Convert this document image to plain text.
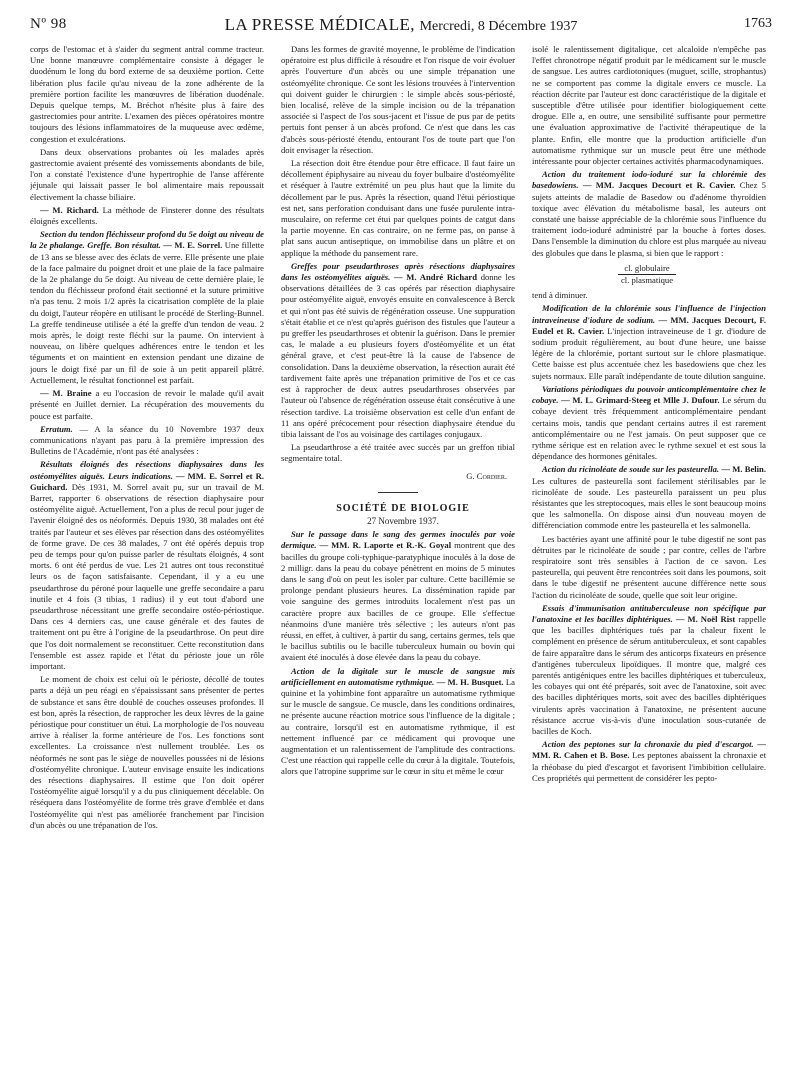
Nº 98	LA PRESSE MÉDICALE, Mercredi, 8 Décembre 1937	1763

corps de l'estomac et à s'aider du segment antral comme tracteur. Une bonne manœuvre complémentaire consiste à dégager le duodénum le long du bord externe de sa deuxième portion. Cette libération plus facile qu'au niveau de la zone adhérente de la première portion facilite les manœuvres de libération duodénale. Depuis quelque temps, M. Bréchot n'hésite plus à faire des gastrectomies pour antrite. L'examen des pièces opératoires montre toujours des lésions inflammatoires de la muqueuse avec œdème, congestion et exulcérations.

Dans deux observations probantes où les malades après gastrectomie avaient présenté des vomissements abondants de bile, l'on a constaté l'existence d'une hypertrophie de l'anse afférente jéjunale qui laissait passer le bol alimentaire mais repoussait électivement la chasse biliaire.

— M. Richard. La méthode de Finsterer donne des résultats éloignés excellents.

Section du tendon fléchisseur profond du 5e doigt au niveau de la 2e phalange. Greffe. Bon résultat. — M. E. Sorrel. Une fillette de 13 ans se blesse avec des éclats de verre. Elle présente une plaie de la face palmaire du poignet droit et une plaie de la face palmaire de la 2e phalange du 5e doigt. Au niveau de cette dernière plaie, le tendon du fléchisseur profond était sectionné et la suture primitive n'a pas tenu. 2 mois 1/2 après la cicatrisation complète de la plaie du doigt, l'auteur réopère en utilisant le procédé de Sterling-Bunnel. La greffe tendineuse utilisée a été la greffe d'un tendon de veau. 2 mois après, le doigt reste fléchi sur la paume. On intervient à nouveau, on libère quelques adhérences entre le tendon et les téguments et on maintient en extension pendant une dizaine de jours le doigt fixé par un fil de soie à un petit appareil plâtré. Actuellement, le résultat fonctionnel est parfait.

— M. Braine a eu l'occasion de revoir le malade qu'il avait présenté en Juillet dernier. La récupération des mouvements du pouce est parfaite.

Erratum. — A la séance du 10 Novembre 1937 deux communications n'ayant pas paru à la première impression des Bulletins de l'Académie, n'ont pas été analysées :

Résultats éloignés des résections diaphysaires dans les ostéomyélites aiguës. Leurs indications. — MM. E. Sorrel et R. Guichard. Dès 1931, M. Sorrel avait pu, sur un travail de M. Barret, rapporter 6 observations de résection diaphysaire pour ostéomyélite aiguë. Actuellement, l'on a plus de recul pour juger de l'avenir éloigné des os néoformés. Depuis 1930, 38 malades ont été traités par l'auteur et ses élèves par résection dans des ostéomyélites de forme grave. De ces 38 malades, 7 ont été opérés depuis trop peu de temps pour qu'on puisse parler de résultats éloignés, 4 sont morts. 6 ont été perdus de vue. Les 21 autres ont tous reconstitué leurs os de façon satisfaisante. Cependant, il y a eu une pseudarthrose du péroné pour laquelle une greffe secondaire a paru inutile et 4 fois (3 tibias, 1 radius) il y eut tout d'abord une pseudarthrose nécessitant une greffe secondaire ostéo-périostique. Dans ces 4 derniers cas, une cause générale et des fautes de traitement ont pu être à l'origine de la pseudarthrose. On peut dire que l'os doit normalement se reconstituer. Cette reconstitution dans l'ensemble est assez rapide et l'état du périoste joue un rôle important.

Le moment de choix est celui où le périoste, décollé de toutes parts a déjà un peu réagi en s'épaississant sans présenter de pertes de substance et sans être doublé de couches osseuses profondes. Il est bon, après la résection, de rapprocher les deux lèvres de la gaine périostique pour constituer un étui. La morphologie de l'os nouveau arrive à réaliser la forme antérieure de l'os. Les fonctions sont excellentes. La croissance n'est nullement troublée. Les os néoformés ne sont pas le siège de nouvelles poussées ni de lésions d'ostéomyélite chronique. L'auteur envisage ensuite les indications des résections diaphysaires. Il estime que l'on doit opérer l'ostéomyélite aiguë lorsqu'il y a du pus cliniquement décelable. On réséquera dans l'ostéomyélite de forme très grave d'emblée et dans l'ostéomyélite qui n'est pas améliorée franchement par l'incision d'un abcès ou une trépanation de l'os.

Dans les formes de gravité moyenne, le problème de l'indication opératoire est plus difficile à résoudre et l'on risque de voir évoluer après l'ouverture d'un abcès ou une simple trépanation une ostéomyélite chronique. Ce sont les lésions trouvées à l'intervention qui doivent guider le chirurgien : le simple abcès sous-périosté, bien localisé, relève de la simple incision ou de la trépanation associée si l'aspect de l'os sous-jacent et l'issue de pus par de petits pertuis font penser à un abcès profond. Ce n'est que dans les cas d'abcès sous-périosté étendu, entourant l'os de toute part que l'on doit envisager la résection.

La résection doit être étendue pour être efficace. Il faut faire un décollement épiphysaire au niveau du foyer bulbaire d'ostéomyélite et réséquer à l'autre extrémité un peu plus haut que la limite du décollement par le pus. Après la résection, quand l'étui périostique est net, sans perforation conduisant dans une fusée purulente intra-musculaire, on referme cet étui par quelques points de catgut dans la partie moyenne. En cas contraire, on ne ferme pas, on panse à plat sans aucun antiseptique, on immobilise dans un plâtre et on applique la méthode du pansement rare.

Greffes pour pseudarthroses après résections diaphysaires dans les ostéomyélites aiguës. — M. André Richard donne les observations détaillées de 3 cas opérés par résection diaphysaire pour ostéomyélite aiguë, envoyés ensuite en convalescence à Berck et qui n'ont pas été suivis de régénération osseuse. Une suppuration s'était établie et ce n'est qu'après guérison des fistules que l'auteur a pu greffer les pseudarthroses et obtenir la guérison. Dans le premier cas, le malade a eu plusieurs foyers d'ostéomyélite et un état général grave, et c'est peut-être là la cause de l'absence de consolidation. Dans la deuxième observation, la résection aurait été tardivement faite après une trépanation primitive de l'os et ce cas est à rapprocher de deux autres pseudarthroses observées par l'auteur où l'absence de régénération osseuse était consécutive à une résection tardive. La troisième observation est celle d'un enfant de 11 ans opéré précocement pour résection diaphysaire étendue du tibia laissant de l'os au voisinage des cartilages conjugaux.

La pseudarthrose a été traitée avec succès par un greffon tibial segmentaire total.

G. Cordier.

SOCIÉTÉ DE BIOLOGIE

27 Novembre 1937.

Sur le passage dans le sang des germes inoculés par voie dermique. — MM. R. Laporte et R.-K. Goyal montrent que des bacilles du groupe coli-typhique-paratyphique inoculés à la dose de 2 milligr. dans la peau du cobaye pénètrent en moins de 5 minutes dans le sang d'où on peut les isoler par culture. Cette bacillémie se prolonge pendant plusieurs heures. La dissémination rapide par voie sanguine des germes introduits localement n'est pas un caractère propre aux bacilles de ce groupe. Elle s'effectue néanmoins d'une manière très sélective ; les auteurs n'ont pas réussi, en effet, à cultiver, à partir du sang, certains germes, tels que le bacillus subtilis ou le bacille tuberculeux humain ou bovin qui avaient été inoculés à dose élevée dans la peau du cobaye.

Action de la digitale sur le muscle de sangsue mis artificiellement en automatisme rythmique. — M. H. Busquet. La quinine et la yohimbine font apparaître un automatisme rythmique sur le muscle de sangsue. Ce muscle, dans les conditions ordinaires, ne présente aucune réaction motrice sous l'influence de la digitale ; au contraire, lorsqu'il est en automatisme rythmique, il est nettement influencé par ce médicament qui provoque une augmentation et un ralentissement de l'amplitude des contractions. C'est une réaction qui rappelle celle du cœur à la digitale. Toutefois, alors que l'atropine supprime sur le cœur in situ et même le cœur

isolé le ralentissement digitalique, cet alcaloïde n'empêche pas l'effet chronotrope négatif produit par le médicament sur le muscle de sangsue. Les autres cardiotoniques (muguet, scille, strophantus) ne se comportent pas comme la digitale envers ce muscle. La réaction décrite par l'auteur est donc caractéristique de la digitale et susceptible d'être utilisée pour identifier biologiquement cette drogue. Elle a, en outre, une sensibilité suffisante pour permettre une évaluation approximative de l'activité thérapeutique de la plante. Enfin, elle montre que la production artificielle d'un automatisme rythmique sur un muscle peut être une méthode intéressante pour objecter certaines activités pharmacodynamiques.

Action du traitement iodo-ioduré sur la chlorémie des basedowiens. — MM. Jacques Decourt et R. Cavier. Chez 5 sujets atteints de maladie de Basedow ou d'adénome thyroïdien toxique avec élévation du métabolisme basal, les auteurs ont constaté une baisse appréciable de la chlorémie sous l'influence du traitement iodo-ioduré administré par la bouche à fortes doses. Dans l'ensemble la diminution du chlore est plus marquée au niveau des globules que dans le plasma, si bien que le rapport :

cl. globulaire
cl. plasmatique

tend à diminuer.

Modification de la chlorémie sous l'influence de l'injection intraveineuse d'iodure de sodium. — MM. Jacques Decourt, F. Eudel et R. Cavier. L'injection intraveineuse de 1 gr. d'iodure de sodium produit régulièrement, au bout d'une heure, une baisse légère de la chlorémie, portant surtout sur le chlore plasmatique. Cette baisse est plus accentuée chez les basedowiens que chez les sujets normaux. Elle paraît indépendante de toute dilution sanguine.

Variations périodiques du pouvoir anticomplémentaire chez le cobaye. — M. L. Grimard-Steeg et Mlle J. Dufour. Le sérum du cobaye devient très fréquemment anticomplémentaire pendant certains mois, tandis que pendant certains autres il est rarement anticomplémentaire ou ne l'est jamais. On peut supposer que ce rythme sérique est en relation avec le rythme sexuel et est sous la dépendance des hormones génitales.

Action du ricinoléate de soude sur les pasteurella. — M. Belin. Les cultures de pasteurella sont facilement stérilisables par le ricinoléate de soude. Les pasteurella paraissent un peu plus résistantes que les streptocoques, mais elles le sont beaucoup moins que les salmonella. On dispose ainsi d'un nouveau moyen de différenciation commode entre les pasteurella et les salmonella.

Les bactéries ayant une affinité pour le tube digestif ne sont pas détruites par le ricinoléate de soude ; par contre, celles de l'arbre respiratoire sont très sensibles à l'action de ce savon. Les pasteurella, qui peuvent être rencontrées soit dans les poumons, soit dans le tube digestif ne présentent aucune différence nette sous l'action du ricinoléate de soude, quelle que soit leur origine.

Essais d'immunisation antituberculeuse non spécifique par l'anatoxine et les bacilles diphtériques. — M. Noël Rist rappelle que les bacilles diphtériques tués par la chaleur fixent le complément en présence de sérum antituberculeux, et sont capables de faire apparaître dans le sérum des anticorps fixateurs en présence d'antigènes tuberculeux lipoïdiques. Il montre que, malgré ces parentés antigéniques entre les bacilles diphtériques et tuberculeux, les cobayes qui ont été préparés, soit avec de l'anatoxine, soit avec des bacilles diphtériques morts, soit avec des bacilles diphtériques virulents après vaccination à l'anatoxine, ne présentent aucune résistance accrue vis-à-vis d'une inoculation sous-cutanée de bacilles de Koch.

Action des peptones sur la chronaxie du pied d'escargot. — MM. R. Cahen et B. Bose. Les peptones abaissent la chronaxie et la rhéobase du pied d'escargot et favorisent l'imbibition cellulaire. Ces propriétés qui permettent de considérer les pepto-
